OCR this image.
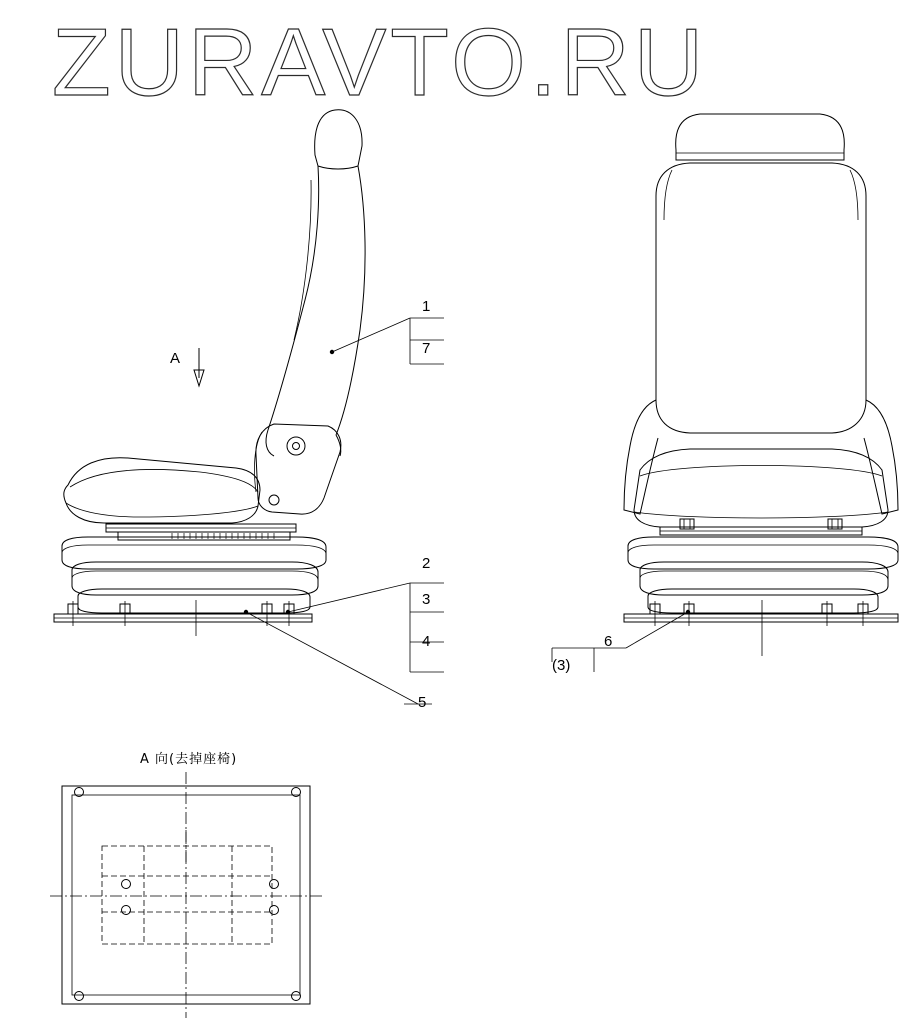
ZURAVTO.RU
1
7
2
3
4
5
(3)
6
A
A 向(去掉座椅)
